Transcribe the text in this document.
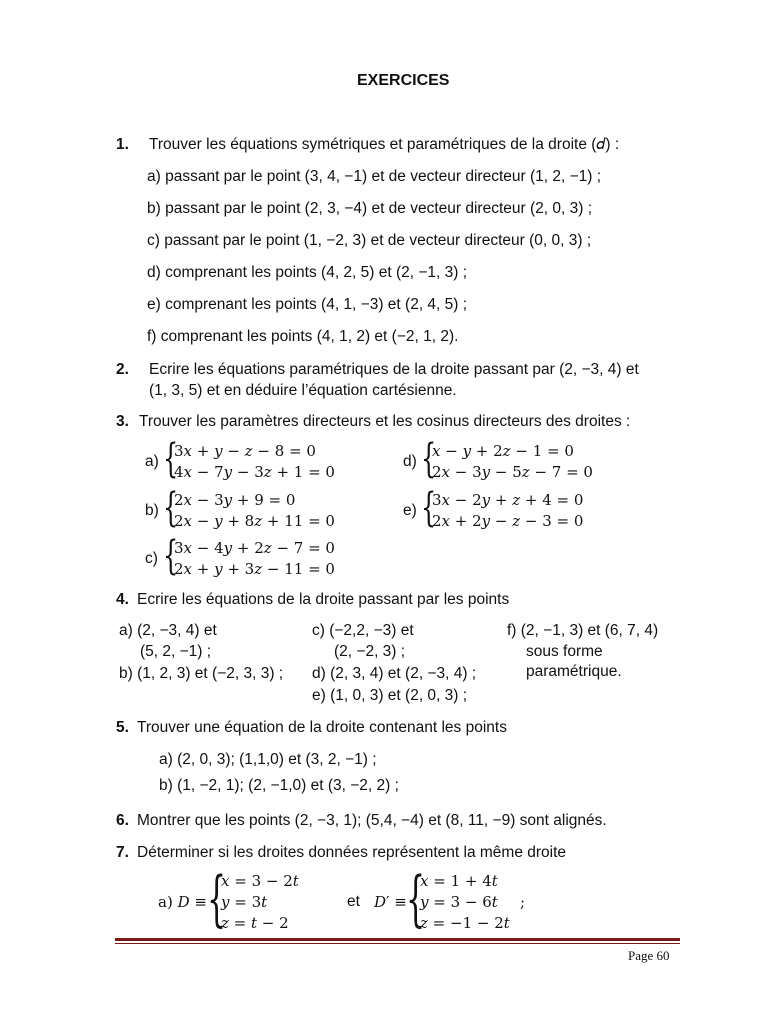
EXERCICES
1. Trouver les équations symétriques et paramétriques de la droite (𝑑) :
a) passant par le point (3, 4, −1) et de vecteur directeur (1, 2, −1) ;
b) passant par le point (2, 3, −4) et de vecteur directeur (2, 0, 3) ;
c) passant par le point (1, −2, 3) et de vecteur directeur (0, 0, 3) ;
d) comprenant les points (4, 2, 5) et (2, −1, 3) ;
e) comprenant les points (4, 1, −3) et (2, 4, 5) ;
f) comprenant les points (4, 1, 2) et (−2, 1, 2).
2. Ecrire les équations paramétriques de la droite passant par (2, −3, 4) et
(1, 3, 5) et en déduire l’équation cartésienne.
3. Trouver les paramètres directeurs et les cosinus directeurs des droites :
a) {
3𝑥 + 𝑦 − 𝑧 − 8 = 0
4𝑥 − 7𝑦 − 3𝑧 + 1 = 0
d) {
𝑥 − 𝑦 + 2𝑧 − 1 = 0
2𝑥 − 3𝑦 − 5𝑧 − 7 = 0
b) {
2𝑥 − 3𝑦 + 9 = 0
2𝑥 − 𝑦 + 8𝑧 + 11 = 0
e) {
3𝑥 − 2𝑦 + 𝑧 + 4 = 0
2𝑥 + 2𝑦 − 𝑧 − 3 = 0
c) {
3𝑥 − 4𝑦 + 2𝑧 − 7 = 0
2𝑥 + 𝑦 + 3𝑧 − 11 = 0
4. Ecrire les équations de la droite passant par les points
a) (2, −3, 4) et
(5, 2, −1) ;
b) (1, 2, 3) et (−2, 3, 3) ;
c) (−2,2, −3) et
(2, −2, 3) ;
d) (2, 3, 4) et (2, −3, 4) ;
e) (1, 0, 3) et (2, 0, 3) ;
f) (2, −1, 3) et (6, 7, 4)
sous forme
paramétrique.
5. Trouver une équation de la droite contenant les points
a) (2, 0, 3); (1,1,0) et (3, 2, −1) ;
b) (1, −2, 1); (2, −1,0) et (3, −2, 2) ;
6. Montrer que les points (2, −3, 1); (5,4, −4) et (8, 11, −9) sont alignés.
7. Déterminer si les droites données représentent la même droite
a) 𝐷 ≡ {
𝑥 = 3 − 2𝑡
𝑦 = 3𝑡
𝑧 = 𝑡 − 2
et 𝐷′ ≡ {
𝑥 = 1 + 4𝑡
𝑦 = 3 − 6𝑡
𝑧 = −1 − 2𝑡
;
Page 60
